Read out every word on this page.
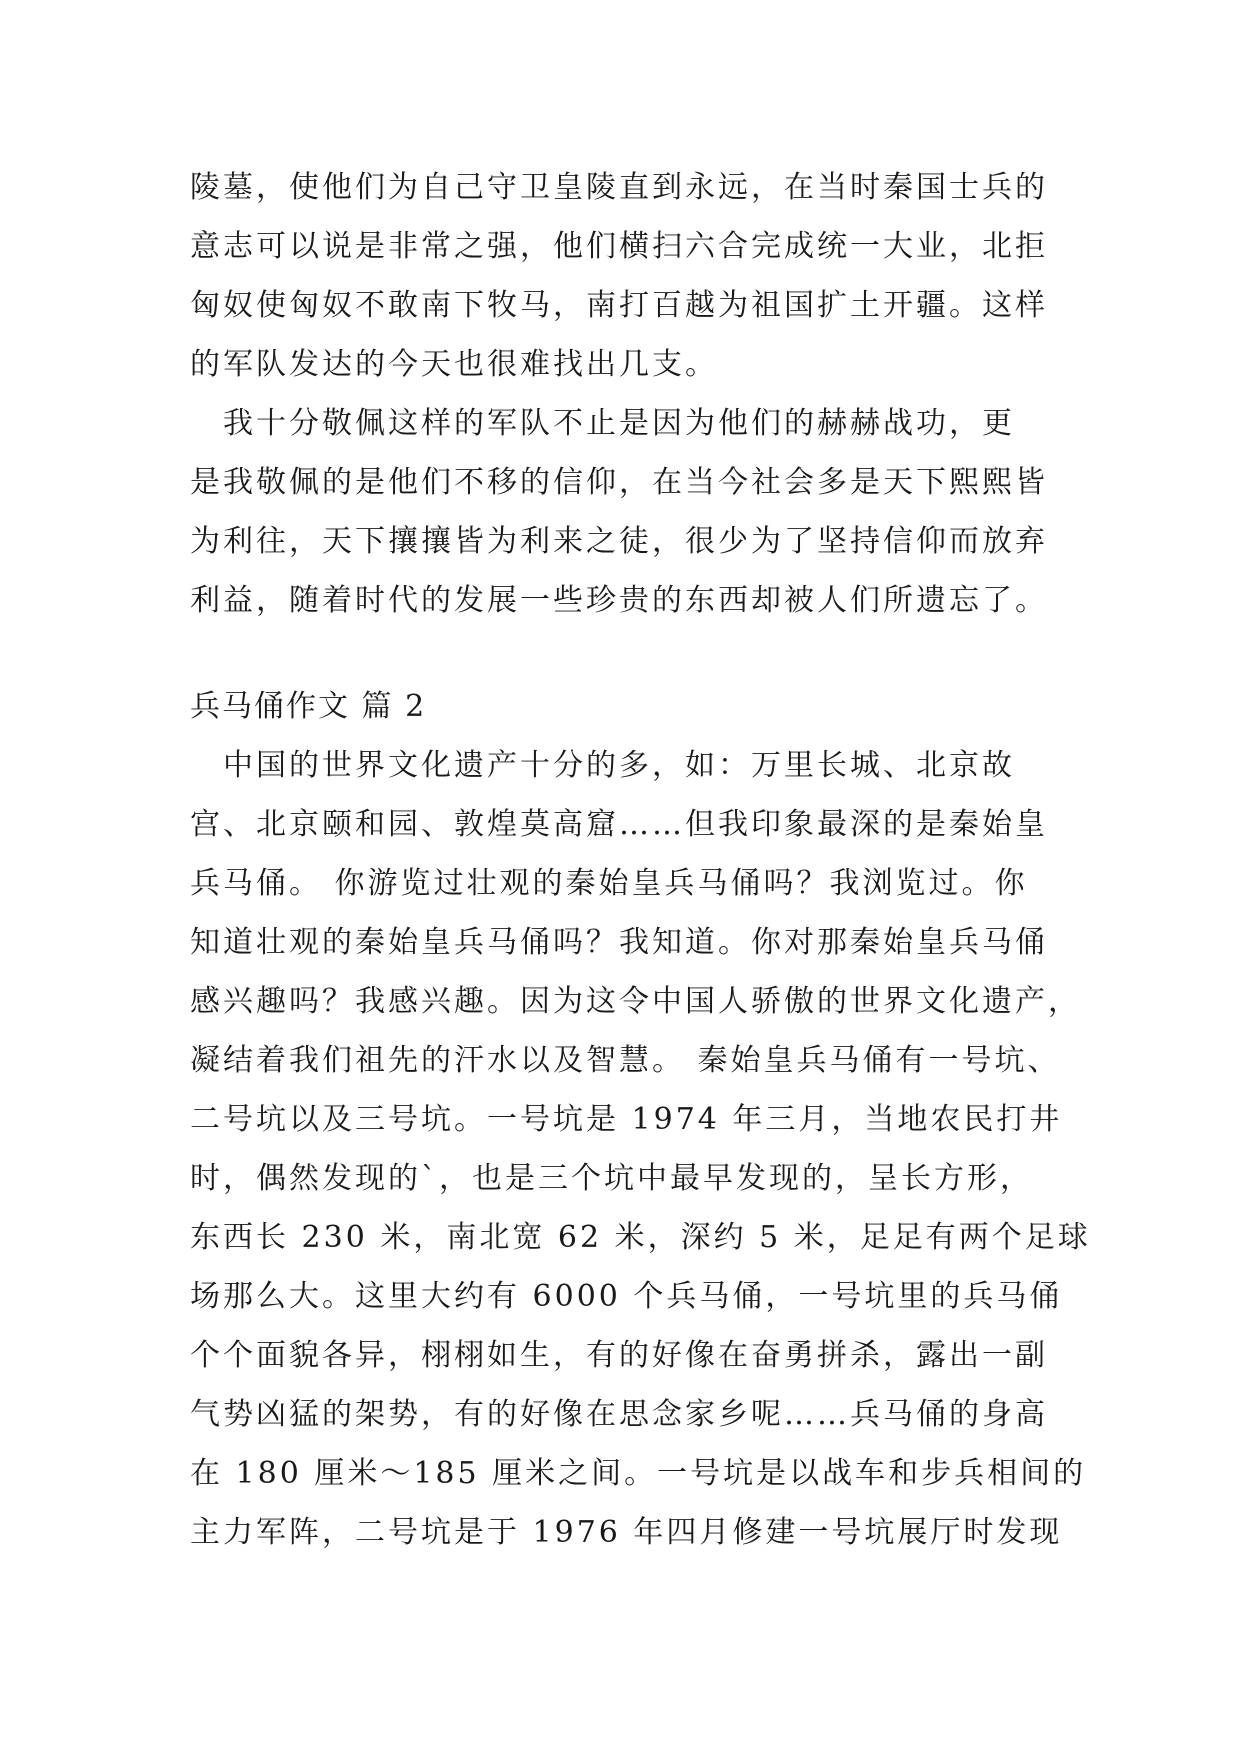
陵墓，使他们为自己守卫皇陵直到永远，在当时秦国士兵的
意志可以说是非常之强，他们横扫六合完成统一大业，北拒
匈奴使匈奴不敢南下牧马，南打百越为祖国扩土开疆。这样
的军队发达的今天也很难找出几支。
　我十分敬佩这样的军队不止是因为他们的赫赫战功，更
是我敬佩的是他们不移的信仰，在当今社会多是天下熙熙皆
为利往，天下攘攘皆为利来之徒，很少为了坚持信仰而放弃
利益，随着时代的发展一些珍贵的东西却被人们所遗忘了。
兵马俑作文 篇 2
　中国的世界文化遗产十分的多，如：万里长城、北京故
宫、北京颐和园、敦煌莫高窟……但我印象最深的是秦始皇
兵马俑。 你游览过壮观的秦始皇兵马俑吗？我浏览过。你
知道壮观的秦始皇兵马俑吗？我知道。你对那秦始皇兵马俑
感兴趣吗？我感兴趣。因为这令中国人骄傲的世界文化遗产，
凝结着我们祖先的汗水以及智慧。 秦始皇兵马俑有一号坑、
二号坑以及三号坑。一号坑是 1974 年三月，当地农民打井
时，偶然发现的`，也是三个坑中最早发现的，呈长方形，
东西长 230 米，南北宽 62 米，深约 5 米，足足有两个足球
场那么大。这里大约有 6000 个兵马俑，一号坑里的兵马俑
个个面貌各异，栩栩如生，有的好像在奋勇拼杀，露出一副
气势凶猛的架势，有的好像在思念家乡呢……兵马俑的身高
在 180 厘米～185 厘米之间。一号坑是以战车和步兵相间的
主力军阵，二号坑是于 1976 年四月修建一号坑展厅时发现
